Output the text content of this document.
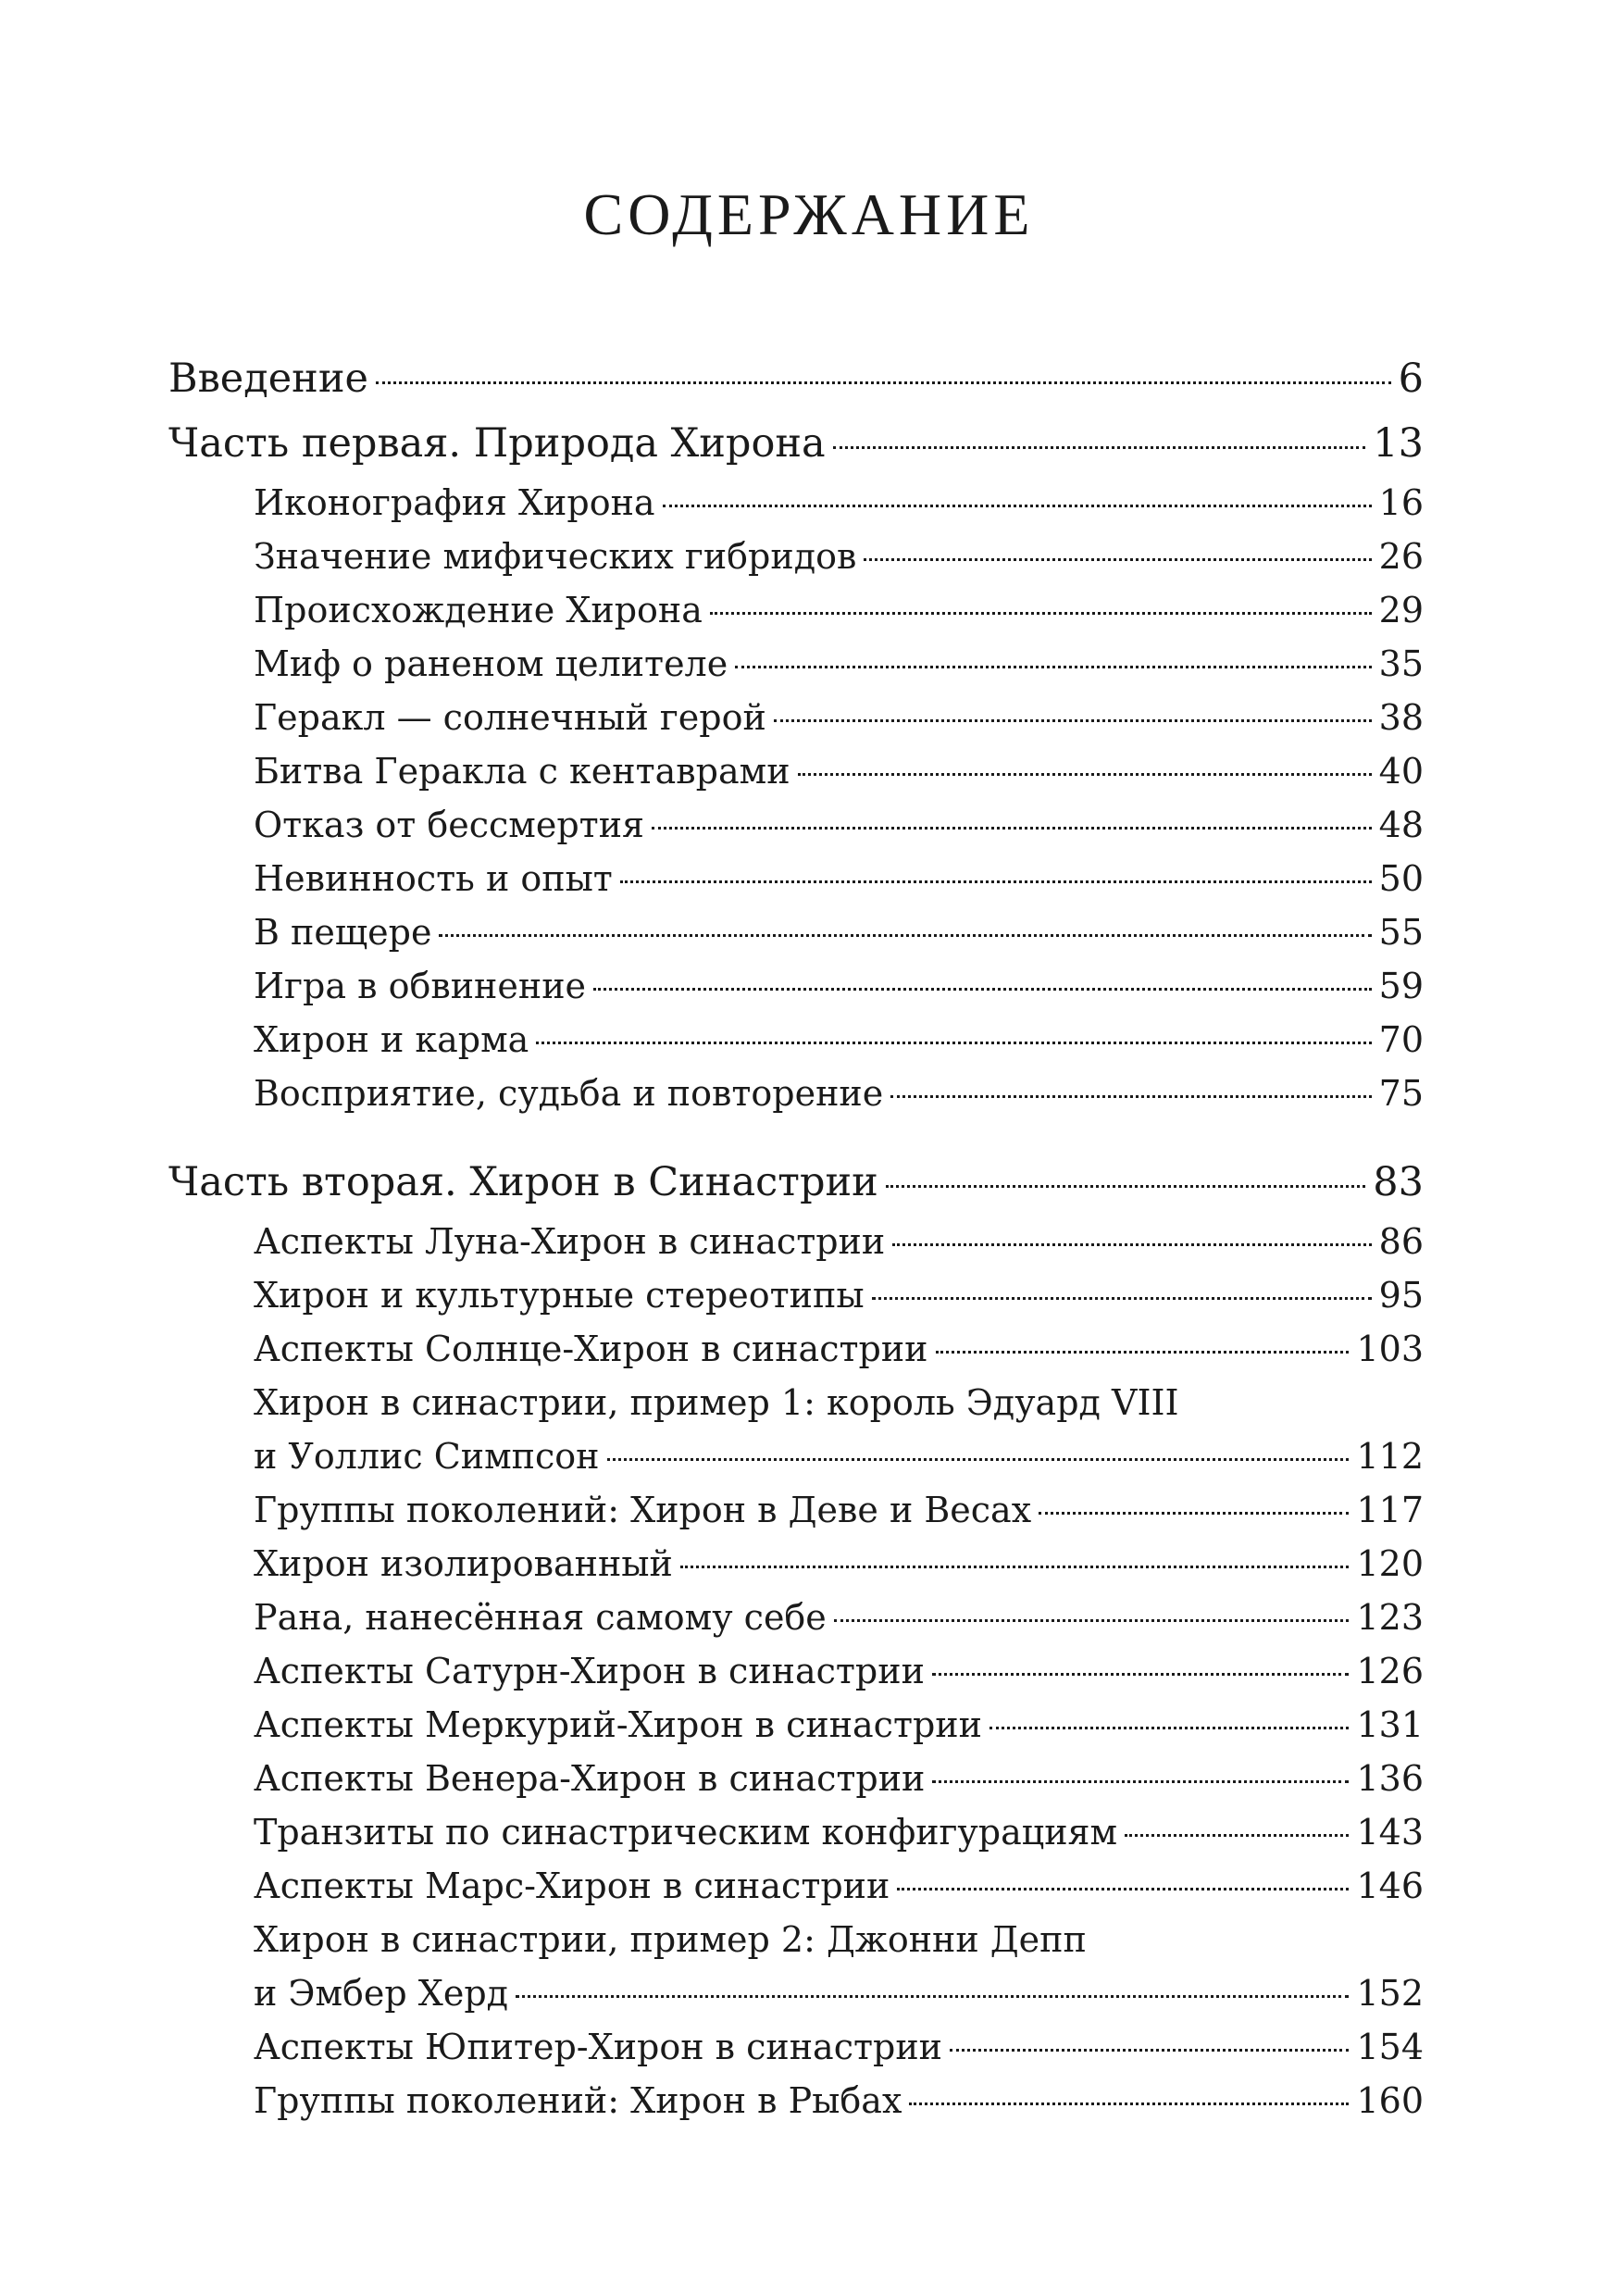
СОДЕРЖАНИЕ
Введение	6
Часть первая. Природа Хирона	13
Иконография Хирона	16
Значение мифических гибридов	26
Происхождение Хирона	29
Миф о раненом целителе	35
Геракл — солнечный герой	38
Битва Геракла с кентаврами	40
Отказ от бессмертия	48
Невинность и опыт	50
В пещере	55
Игра в обвинение	59
Хирон и карма	70
Восприятие, судьба и повторение	75
Часть вторая. Хирон в Синастрии	83
Аспекты Луна-Хирон в синастрии	86
Хирон и культурные стереотипы	95
Аспекты Солнце-Хирон в синастрии	103
Хирон в синастрии, пример 1: король Эдуард VIII
и Уоллис Симпсон	112
Группы поколений: Хирон в Деве и Весах	117
Хирон изолированный	120
Рана, нанесённая самому себе	123
Аспекты Сатурн-Хирон в синастрии	126
Аспекты Меркурий-Хирон в синастрии	131
Аспекты Венера-Хирон в синастрии	136
Транзиты по синастрическим конфигурациям	143
Аспекты Марс-Хирон в синастрии	146
Хирон в синастрии, пример 2: Джонни Депп
и Эмбер Херд	152
Аспекты Юпитер-Хирон в синастрии	154
Группы поколений: Хирон в Рыбах	160
